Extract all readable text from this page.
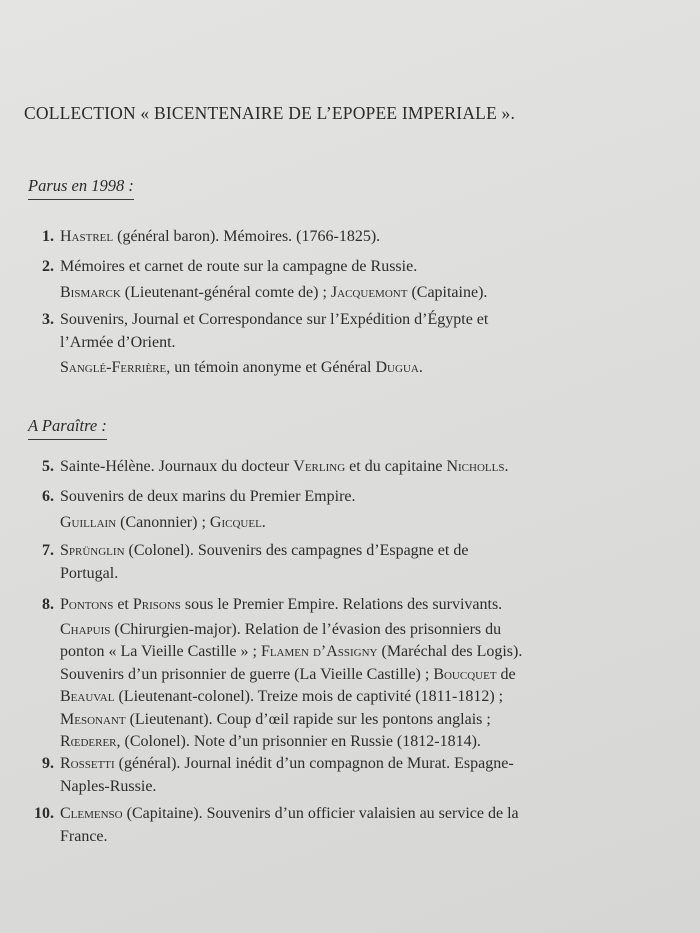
COLLECTION « BICENTENAIRE DE L’EPOPEE IMPERIALE ».
Parus en 1998 :
1. Hastrel (général baron). Mémoires. (1766-1825).
2. Mémoires et carnet de route sur la campagne de Russie.
Bismarck (Lieutenant-général comte de) ; Jacquemont (Capitaine).
3. Souvenirs, Journal et Correspondance sur l’Expédition d’Égypte et
l’Armée d’Orient.
Sanglé-Ferrière, un témoin anonyme et Général Dugua.
A Paraître :
5. Sainte-Hélène. Journaux du docteur Verling et du capitaine Nicholls.
6. Souvenirs de deux marins du Premier Empire.
Guillain (Canonnier) ; Gicquel.
7. Sprünglin (Colonel). Souvenirs des campagnes d’Espagne et de
Portugal.
8. Pontons et Prisons sous le Premier Empire. Relations des survivants.
Chapuis (Chirurgien-major). Relation de l’évasion des prisonniers du
ponton « La Vieille Castille » ; Flamen d’Assigny (Maréchal des Logis).
Souvenirs d’un prisonnier de guerre (La Vieille Castille) ; Boucquet de
Beauval (Lieutenant-colonel). Treize mois de captivité (1811-1812) ;
Mesonant (Lieutenant). Coup d’œil rapide sur les pontons anglais ;
Rœderer, (Colonel). Note d’un prisonnier en Russie (1812-1814).
9. Rossetti (général). Journal inédit d’un compagnon de Murat. Espagne-
Naples-Russie.
10. Clemenso (Capitaine). Souvenirs d’un officier valaisien au service de la
France.
